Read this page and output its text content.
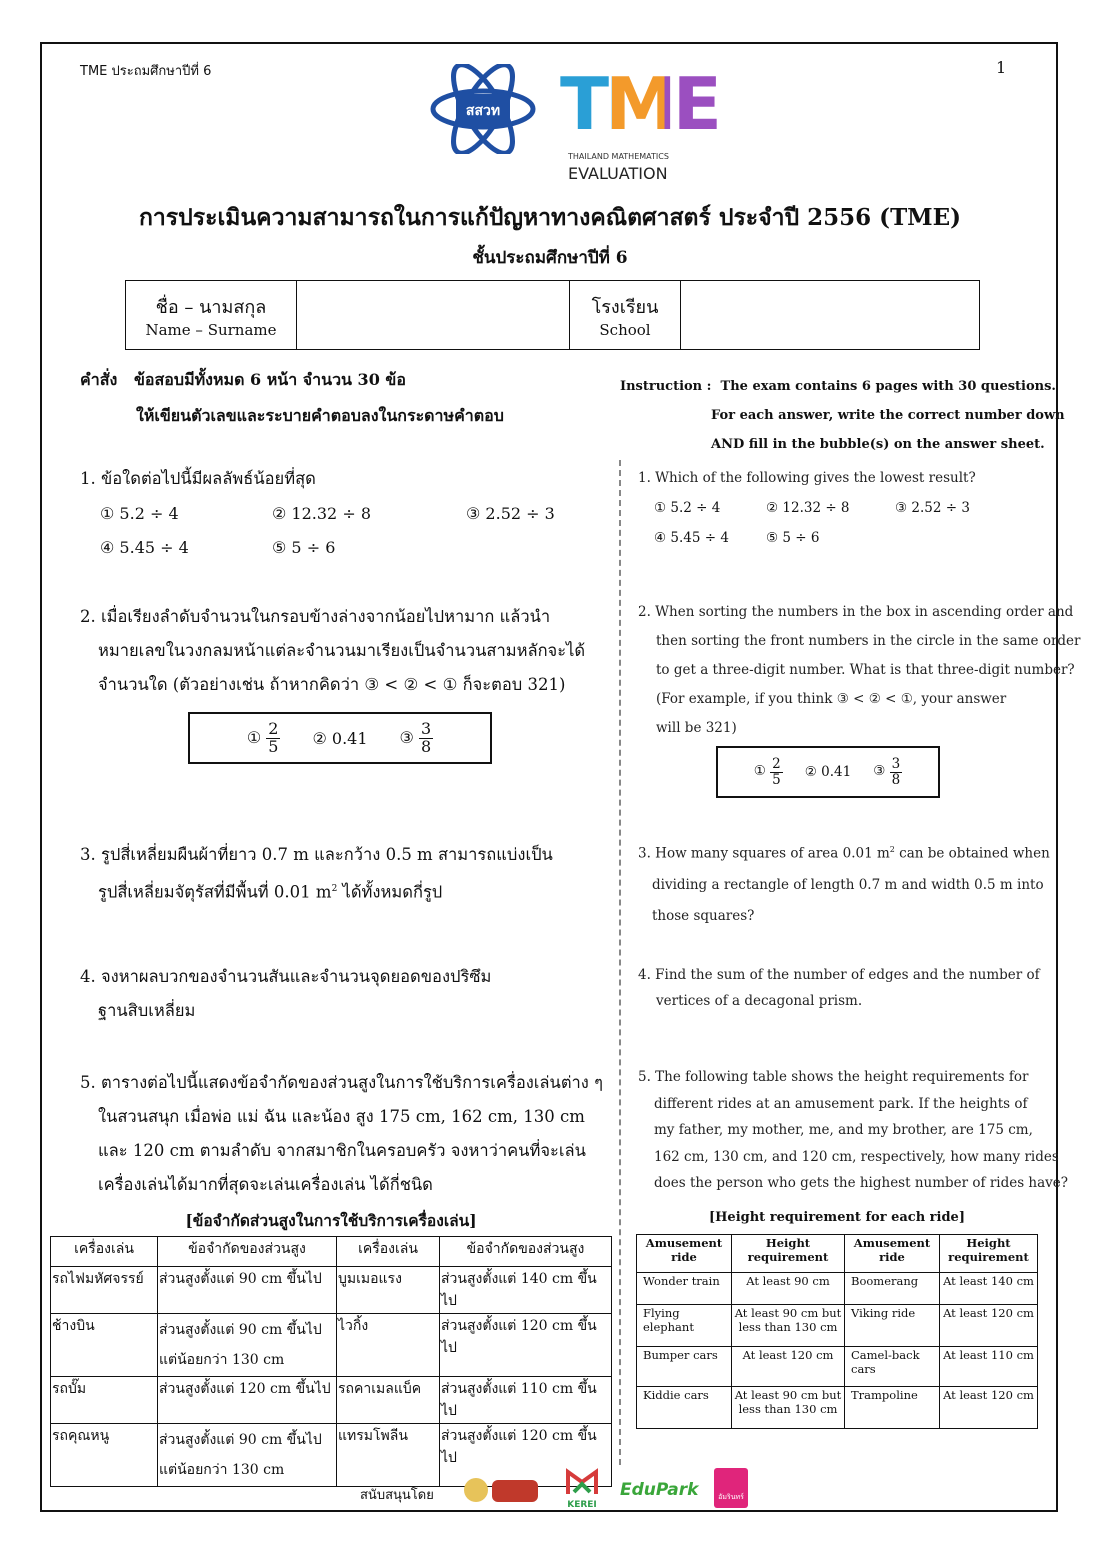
TME ประถมศึกษาปีที่ 6	1
สสวท TME
THAILAND MATHEMATICS
EVALUATION
การประเมินความสามารถในการแก้ปัญหาทางคณิตศาสตร์ ประจำปี 2556 (TME)
ชั้นประถมศึกษาปีที่ 6
ชื่อ – นามสกุล
Name – Surname

โรงเรียน
School

คำสั่ง ข้อสอบมีทั้งหมด 6 หน้า จำนวน 30 ข้อ
ให้เขียนตัวเลขและระบายคำตอบลงในกระดาษคำตอบ
Instruction : The exam contains 6 pages with 30 questions.
For each answer, write the correct number down
AND fill in the bubble(s) on the answer sheet.
1. ข้อใดต่อไปนี้มีผลลัพธ์น้อยที่สุด
① 5.2 ÷ 4	② 12.32 ÷ 8	③ 2.52 ÷ 3
④ 5.45 ÷ 4	⑤ 5 ÷ 6
1. Which of the following gives the lowest result?
① 5.2 ÷ 4	② 12.32 ÷ 8	③ 2.52 ÷ 3
④ 5.45 ÷ 4	⑤ 5 ÷ 6
2. เมื่อเรียงลำดับจำนวนในกรอบข้างล่างจากน้อยไปหามาก แล้วนำ
หมายเลขในวงกลมหน้าแต่ละจำนวนมาเรียงเป็นจำนวนสามหลักจะได้
จำนวนใด (ตัวอย่างเช่น ถ้าหากคิดว่า ③ < ② < ① ก็จะตอบ 321)
① $\frac{2}{5}$ ② 0.41 ③ $\frac{3}{8}$
2. When sorting the numbers in the box in ascending order and
then sorting the front numbers in the circle in the same order
to get a three-digit number. What is that three-digit number?
(For example, if you think ③ < ② < ①, your answer
will be 321)
① $\frac{2}{5}$ ② 0.41 ③ $\frac{3}{8}$
3. รูปสี่เหลี่ยมผืนผ้าที่ยาว 0.7 m และกว้าง 0.5 m สามารถแบ่งเป็น
รูปสี่เหลี่ยมจัตุรัสที่มีพื้นที่ 0.01 $m^2$ ได้ทั้งหมดกี่รูป
3. How many squares of area 0.01 $m^2$ can be obtained when
dividing a rectangle of length 0.7 m and width 0.5 m into
those squares?
4. จงหาผลบวกของจำนวนสันและจำนวนจุดยอดของปริซึม
ฐานสิบเหลี่ยม
4. Find the sum of the number of edges and the number of
vertices of a decagonal prism.
5. ตารางต่อไปนี้แสดงข้อจำกัดของส่วนสูงในการใช้บริการเครื่องเล่นต่าง ๆ
ในสวนสนุก เมื่อพ่อ แม่ ฉัน และน้อง สูง 175 cm, 162 cm, 130 cm
และ 120 cm ตามลำดับ จากสมาชิกในครอบครัว จงหาว่าคนที่จะเล่น
เครื่องเล่นได้มากที่สุดจะเล่นเครื่องเล่น ได้กี่ชนิด
[ข้อจำกัดส่วนสูงในการใช้บริการเครื่องเล่น]
เครื่องเล่น	ข้อจำกัดของส่วนสูง	เครื่องเล่น	ข้อจำกัดของส่วนสูง
รถไฟมหัศจรรย์	ส่วนสูงตั้งแต่ 90 cm ขึ้นไป	บูมเมอแรง	ส่วนสูงตั้งแต่ 140 cm ขึ้นไป
ช้างบิน	ส่วนสูงตั้งแต่ 90 cm ขึ้นไป แต่น้อยกว่า 130 cm	ไวกิ้ง	ส่วนสูงตั้งแต่ 120 cm ขึ้นไป
รถบั๊ม	ส่วนสูงตั้งแต่ 120 cm ขึ้นไป	รถคาเมลแบ็ค	ส่วนสูงตั้งแต่ 110 cm ขึ้นไป
รถคุณหนู	ส่วนสูงตั้งแต่ 90 cm ขึ้นไป แต่น้อยกว่า 130 cm	แทรมโพลีน	ส่วนสูงตั้งแต่ 120 cm ขึ้นไป
5. The following table shows the height requirements for
different rides at an amusement park. If the heights of
my father, my mother, me, and my brother, are 175 cm,
162 cm, 130 cm, and 120 cm, respectively, how many rides
does the person who gets the highest number of rides have?
[Height requirement for each ride]
Amusement ride	Height requirement	Amusement ride	Height requirement
Wonder train	At least 90 cm	Boomerang	At least 140 cm
Flying elephant	At least 90 cm but less than 130 cm	Viking ride	At least 120 cm
Bumper cars	At least 120 cm	Camel-back cars	At least 110 cm
Kiddie cars	At least 90 cm but less than 130 cm	Trampoline	At least 120 cm
สนับสนุนโดย
KEREI
EduPark	อัมรินทร์
